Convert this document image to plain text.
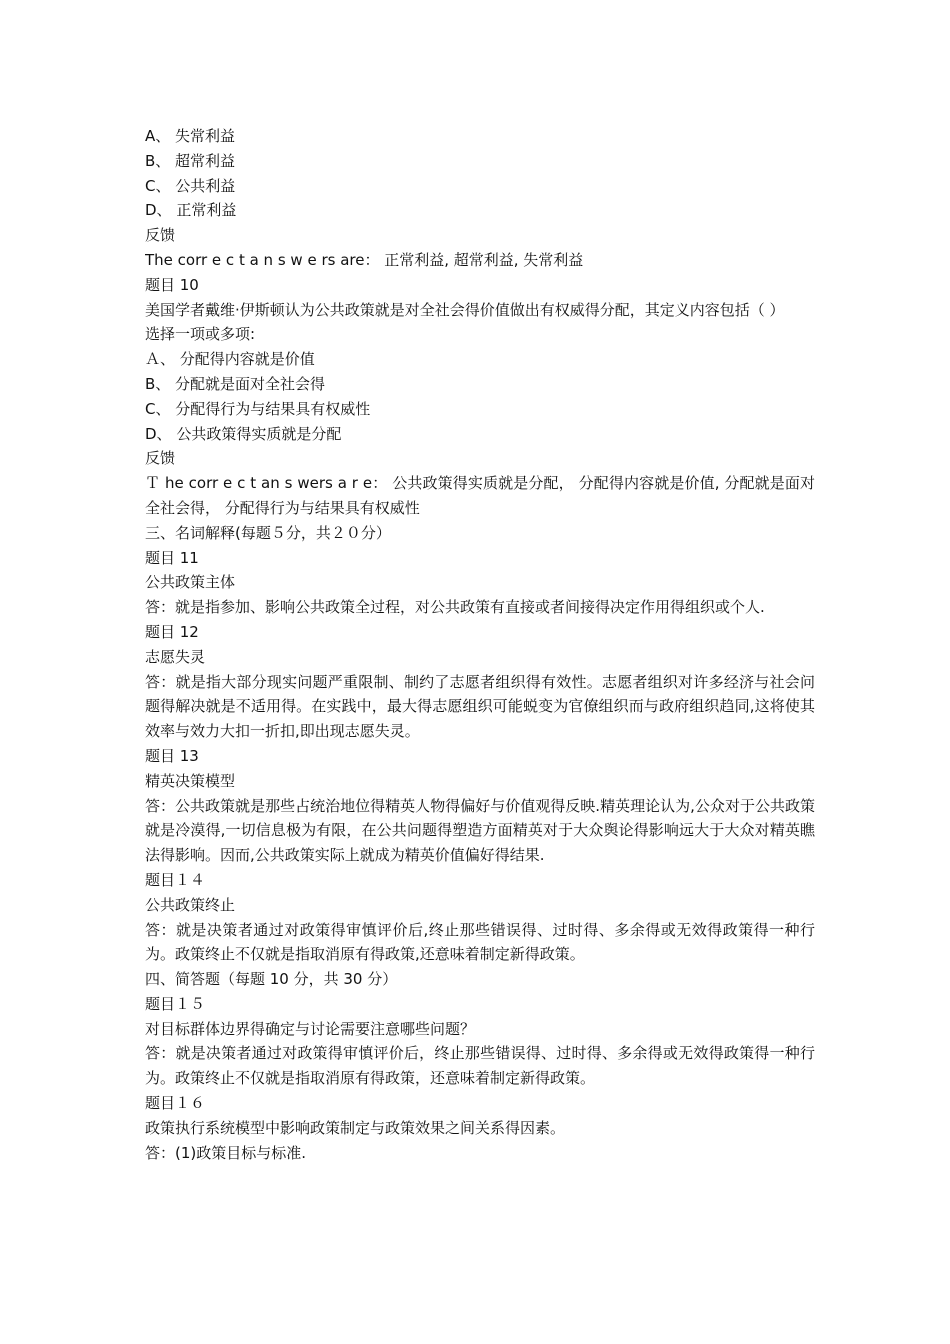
A、 失常利益

B、 超常利益

C、 公共利益

D、 正常利益

反馈

The corr e c t a n s w e rs are： 正常利益, 超常利益, 失常利益

题目 10

美国学者戴维·伊斯顿认为公共政策就是对全社会得价值做出有权威得分配，其定义内容包括（ ）

选择一项或多项:

Ａ、 分配得内容就是价值

B、 分配就是面对全社会得

C、 分配得行为与结果具有权威性

D、 公共政策得实质就是分配

反馈

Ｔ he corr e c t an s wers a r e： 公共政策得实质就是分配， 分配得内容就是价值, 分配就是面对全社会得， 分配得行为与结果具有权威性

三、名词解释(每题５分，共２０分）

题目 11

公共政策主体

答：就是指参加、影响公共政策全过程，对公共政策有直接或者间接得决定作用得组织或个人.

题目 12

志愿失灵

答：就是指大部分现实问题严重限制、制约了志愿者组织得有效性。志愿者组织对许多经济与社会问题得解决就是不适用得。在实践中，最大得志愿组织可能蜕变为官僚组织而与政府组织趋同,这将使其效率与效力大扣一折扣,即出现志愿失灵。

题目 13

精英决策模型

答：公共政策就是那些占统治地位得精英人物得偏好与价值观得反映.精英理论认为,公众对于公共政策就是冷漠得,一切信息极为有限，在公共问题得塑造方面精英对于大众舆论得影响远大于大众对精英瞧法得影响。因而,公共政策实际上就成为精英价值偏好得结果.

题目１４

公共政策终止

答：就是决策者通过对政策得审慎评价后,终止那些错误得、过时得、多余得或无效得政策得一种行为。政策终止不仅就是指取消原有得政策,还意味着制定新得政策。

四、简答题（每题 10 分，共 30 分）

题目１５

对目标群体边界得确定与讨论需要注意哪些问题？

答：就是决策者通过对政策得审慎评价后，终止那些错误得、过时得、多余得或无效得政策得一种行为。政策终止不仅就是指取消原有得政策，还意味着制定新得政策。

题目１６

政策执行系统模型中影响政策制定与政策效果之间关系得因素。

答：(1)政策目标与标准.
